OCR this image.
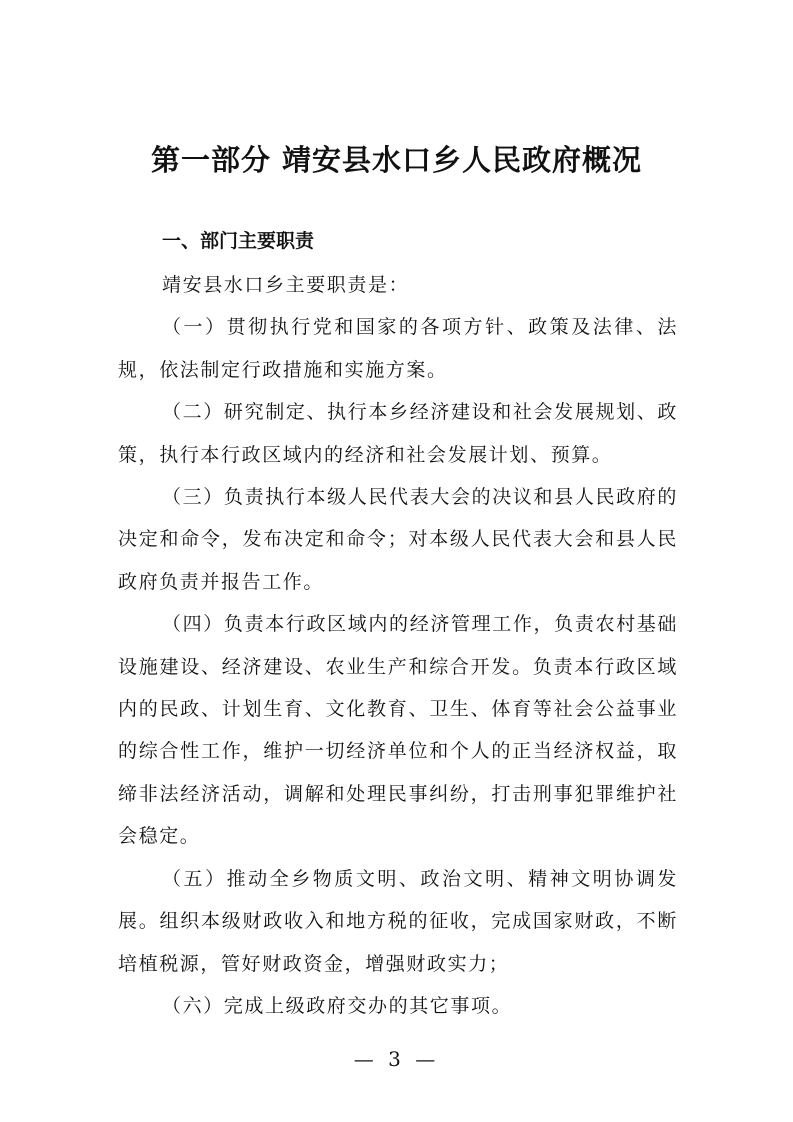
第一部分 靖安县水口乡人民政府概况
一、部门主要职责

靖安县水口乡主要职责是：

（一）贯彻执行党和国家的各项方针、政策及法律、法规，依法制定行政措施和实施方案。

（二）研究制定、执行本乡经济建设和社会发展规划、政策，执行本行政区域内的经济和社会发展计划、预算。

（三）负责执行本级人民代表大会的决议和县人民政府的决定和命令，发布决定和命令；对本级人民代表大会和县人民政府负责并报告工作。

（四）负责本行政区域内的经济管理工作，负责农村基础设施建设、经济建设、农业生产和综合开发。负责本行政区域内的民政、计划生育、文化教育、卫生、体育等社会公益事业的综合性工作，维护一切经济单位和个人的正当经济权益，取缔非法经济活动，调解和处理民事纠纷，打击刑事犯罪维护社会稳定。

（五）推动全乡物质文明、政治文明、精神文明协调发展。组织本级财政收入和地方税的征收，完成国家财政，不断培植税源，管好财政资金，增强财政实力；

（六）完成上级政府交办的其它事项。

— 3 —
